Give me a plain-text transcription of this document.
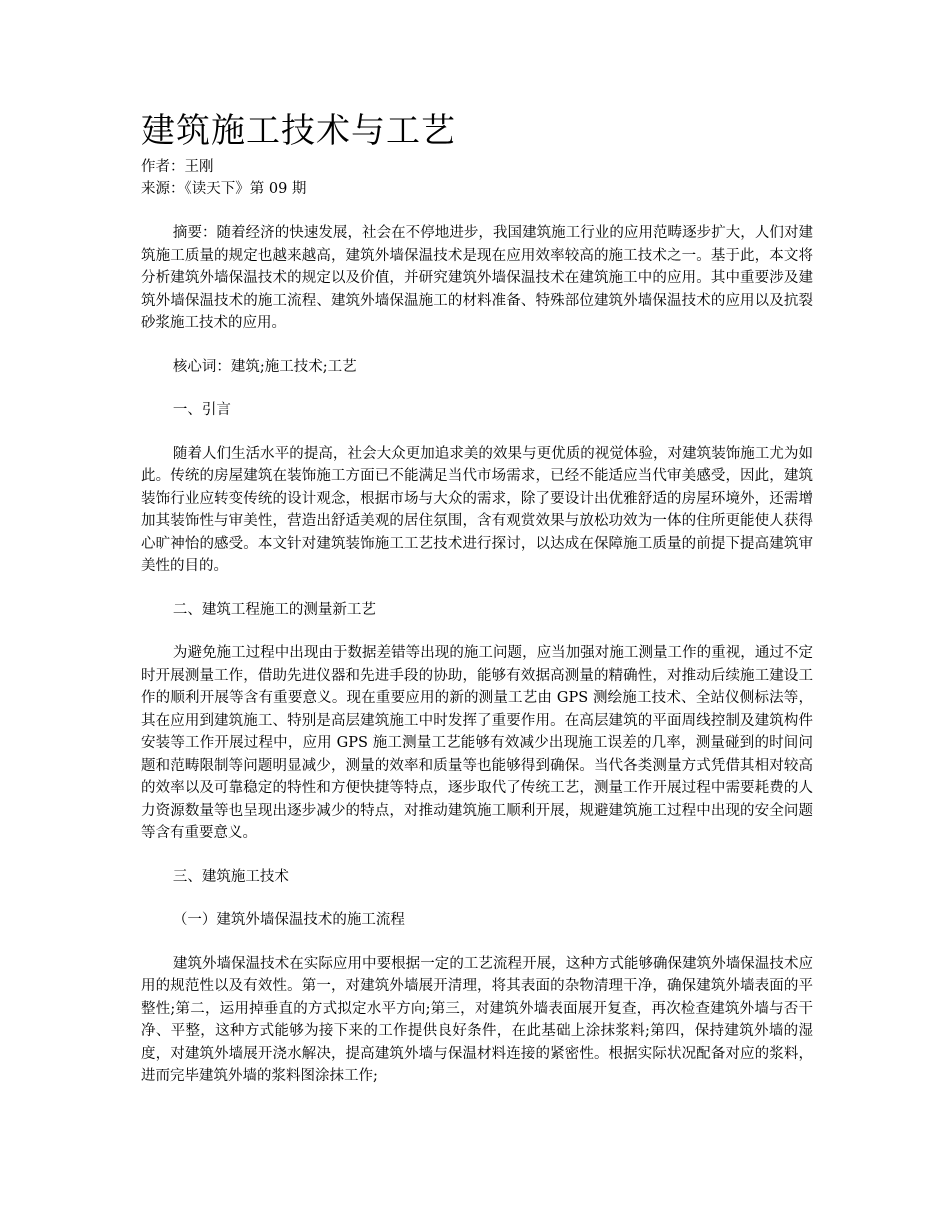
建筑施工技术与工艺

作者：王刚

来源：《读天下》第 09 期

摘要：随着经济的快速发展，社会在不停地进步，我国建筑施工行业的应用范畴逐步扩大，人们对建筑施工质量的规定也越来越高，建筑外墙保温技术是现在应用效率较高的施工技术之一。基于此，本文将分析建筑外墙保温技术的规定以及价值，并研究建筑外墙保温技术在建筑施工中的应用。其中重要涉及建筑外墙保温技术的施工流程、建筑外墙保温施工的材料准备、特殊部位建筑外墙保温技术的应用以及抗裂砂浆施工技术的应用。

核心词：建筑;施工技术;工艺

一、引言

随着人们生活水平的提高，社会大众更加追求美的效果与更优质的视觉体验，对建筑装饰施工尤为如此。传统的房屋建筑在装饰施工方面已不能满足当代市场需求，已经不能适应当代审美感受，因此，建筑装饰行业应转变传统的设计观念，根据市场与大众的需求，除了要设计出优雅舒适的房屋环境外，还需增加其装饰性与审美性，营造出舒适美观的居住氛围，含有观赏效果与放松功效为一体的住所更能使人获得心旷神怡的感受。本文针对建筑装饰施工工艺技术进行探讨，以达成在保障施工质量的前提下提高建筑审美性的目的。

二、建筑工程施工的测量新工艺

为避免施工过程中出现由于数据差错等出现的施工问题，应当加强对施工测量工作的重视，通过不定时开展测量工作，借助先进仪器和先进手段的协助，能够有效据高测量的精确性，对推动后续施工建设工作的顺利开展等含有重要意义。现在重要应用的新的测量工艺由 GPS 测绘施工技术、全站仪侧标法等，其在应用到建筑施工、特别是高层建筑施工中时发挥了重要作用。在高层建筑的平面周线控制及建筑构件安装等工作开展过程中，应用 GPS 施工测量工艺能够有效减少出现施工误差的几率，测量碰到的时间问题和范畴限制等问题明显减少，测量的效率和质量等也能够得到确保。当代各类测量方式凭借其相对较高的效率以及可靠稳定的特性和方便快捷等特点，逐步取代了传统工艺，测量工作开展过程中需要耗费的人力资源数量等也呈现出逐步减少的特点，对推动建筑施工顺利开展，规避建筑施工过程中出现的安全问题等含有重要意义。

三、建筑施工技术

（一）建筑外墙保温技术的施工流程

建筑外墙保温技术在实际应用中要根据一定的工艺流程开展，这种方式能够确保建筑外墙保温技术应用的规范性以及有效性。第一，对建筑外墙展开清理，将其表面的杂物清理干净，确保建筑外墙表面的平整性;第二，运用掉垂直的方式拟定水平方向;第三，对建筑外墙表面展开复查，再次检查建筑外墙与否干净、平整，这种方式能够为接下来的工作提供良好条件，在此基础上涂抹浆料;第四，保持建筑外墙的湿度，对建筑外墙展开浇水解决，提高建筑外墙与保温材料连接的紧密性。根据实际状况配备对应的浆料，进而完毕建筑外墙的浆料图涂抹工作;
